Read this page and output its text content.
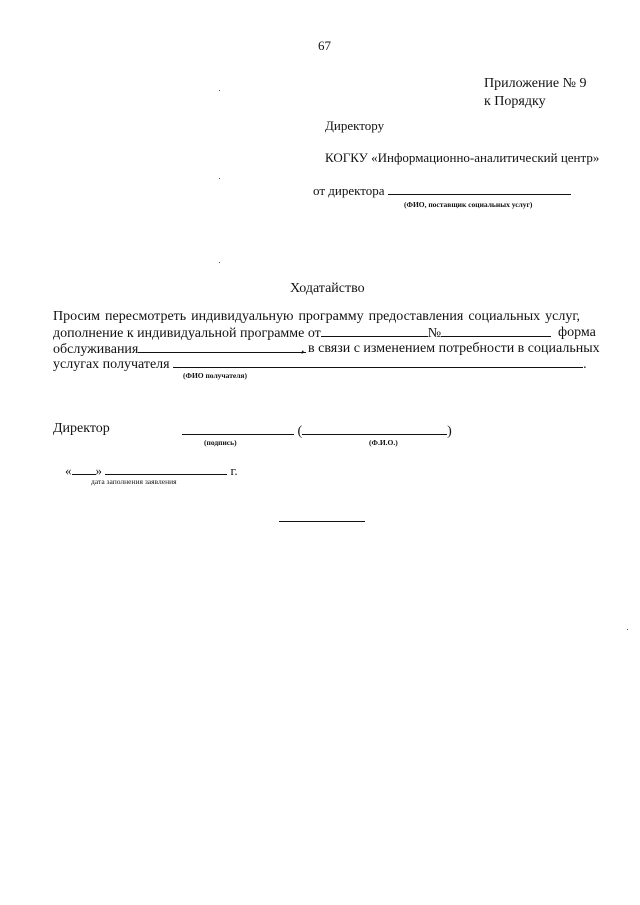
67
Приложение № 9
к Порядку
Директору
КОГКУ «Информационно-аналитический центр»
от директора
(ФИО, поставщик социальных услуг)
Ходатайство
Просим пересмотреть индивидуальную программу предоставления социальных услуг,
дополнение к индивидуальной программе от	№	форма
обслуживания	, в связи с изменением потребности в социальных
услугах получателя	.
(ФИО получателя)
Директор	(	)
(подпись)	(Ф.И.О.)
« »	г.
дата заполнения заявления
